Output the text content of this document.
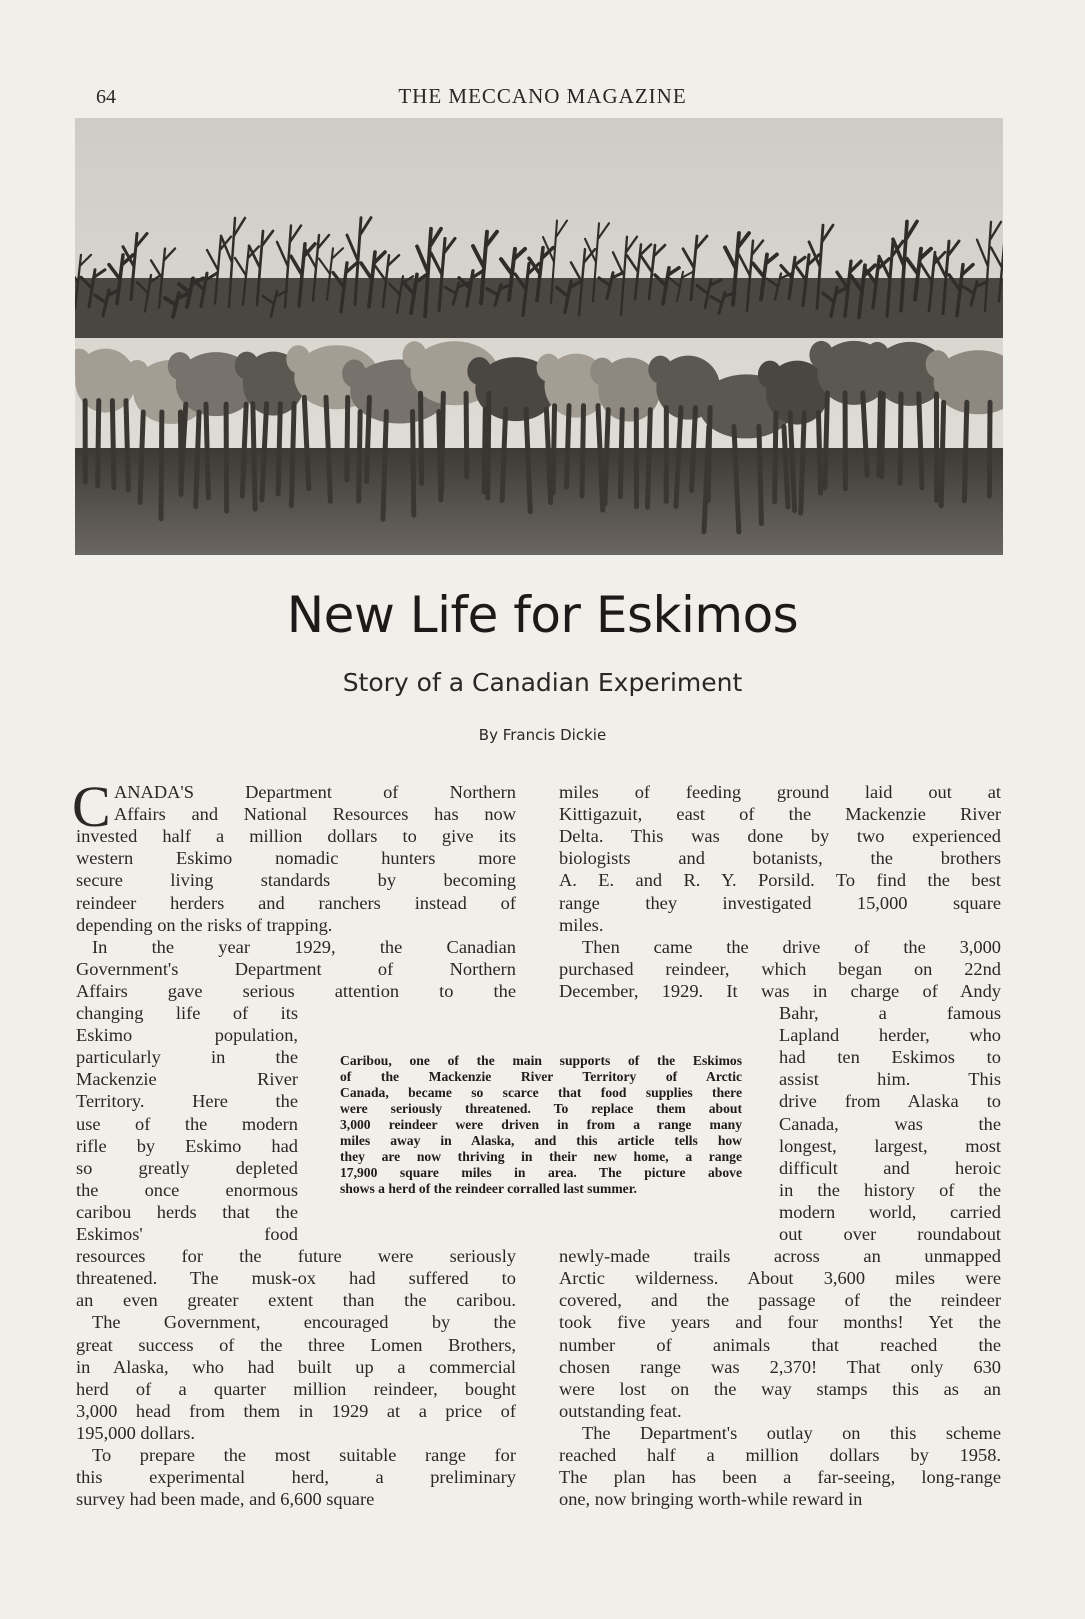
64	THE MECCANO MAGAZINE
New Life for Eskimos
Story of a Canadian Experiment
By Francis Dickie
C ANADA'S Department of Northern
Affairs and National Resources has now
invested half a million dollars to give its
western Eskimo nomadic hunters more
secure living standards by becoming
reindeer herders and ranchers instead of
depending on the risks of trapping.
In the year 1929, the Canadian
Government's Department of Northern
Affairs gave serious attention to the
changing life of its
Eskimo population,
particularly in the
Mackenzie River
Territory. Here the
use of the modern
rifle by Eskimo had
so greatly depleted
the once enormous
caribou herds that the
Eskimos' food
resources for the future were seriously
threatened. The musk-ox had suffered to
an even greater extent than the caribou.
The Government, encouraged by the
great success of the three Lomen Brothers,
in Alaska, who had built up a commercial
herd of a quarter million reindeer, bought
3,000 head from them in 1929 at a price of
195,000 dollars.
To prepare the most suitable range for
this experimental herd, a preliminary
survey had been made, and 6,600 square
miles of feeding ground laid out at
Kittigazuit, east of the Mackenzie River
Delta. This was done by two experienced
biologists and botanists, the brothers
A. E. and R. Y. Porsild. To find the best
range they investigated 15,000 square
miles.
Then came the drive of the 3,000
purchased reindeer, which began on 22nd
December, 1929. It was in charge of Andy
Bahr, a famous
Lapland herder, who
had ten Eskimos to
assist him. This
drive from Alaska to
Canada, was the
longest, largest, most
difficult and heroic
in the history of the
modern world, carried
out over roundabout
newly-made trails across an unmapped
Arctic wilderness. About 3,600 miles were
covered, and the passage of the reindeer
took five years and four months! Yet the
number of animals that reached the
chosen range was 2,370! That only 630
were lost on the way stamps this as an
outstanding feat.
The Department's outlay on this scheme
reached half a million dollars by 1958.
The plan has been a far-seeing, long-range
one, now bringing worth-while reward in
Caribou, one of the main supports of the Eskimos
of the Mackenzie River Territory of Arctic
Canada, became so scarce that food supplies there
were seriously threatened. To replace them about
3,000 reindeer were driven in from a range many
miles away in Alaska, and this article tells how
they are now thriving in their new home, a range
17,900 square miles in area. The picture above
shows a herd of the reindeer corralled last summer.
